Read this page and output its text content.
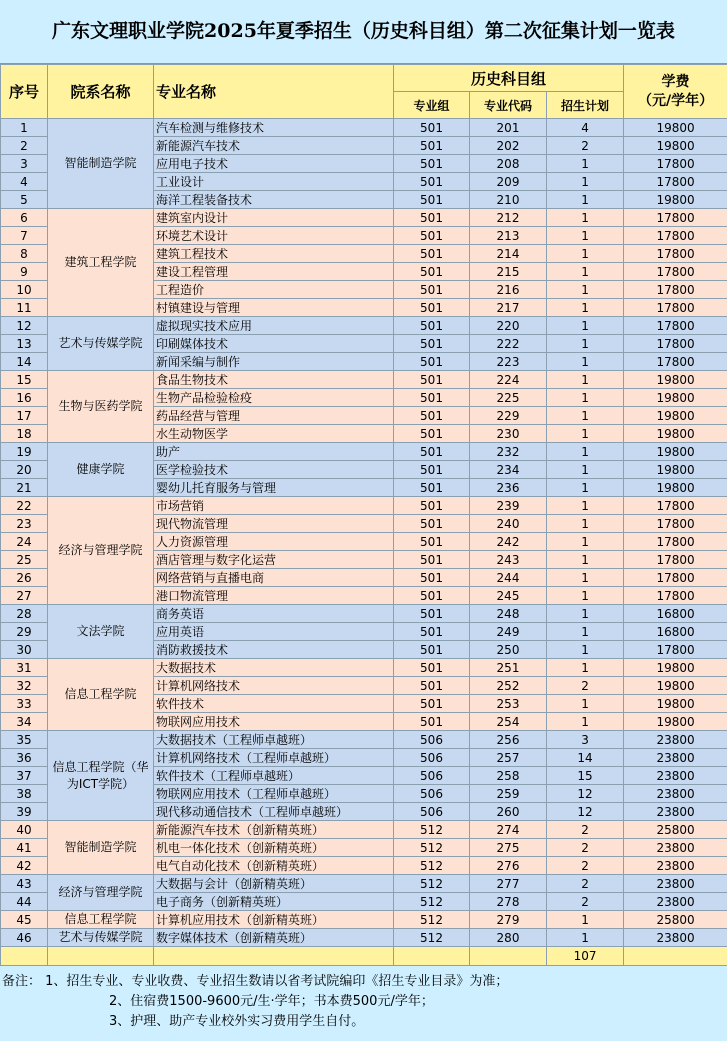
广东文理职业学院2025年夏季招生（历史科目组）第二次征集计划一览表
序号	院系名称	专业名称	历史科目组			学费
（元/学年）

			专业组	专业代码	招生计划	
1	智能制造学院	汽车检测与维修技术	501	201	4	19800
2		新能源汽车技术	501	202	2	19800
3		应用电子技术	501	208	1	17800
4		工业设计	501	209	1	17800
5		海洋工程装备技术	501	210	1	19800
6	建筑工程学院	建筑室内设计	501	212	1	17800
7		环境艺术设计	501	213	1	17800
8		建筑工程技术	501	214	1	17800
9		建设工程管理	501	215	1	17800
10		工程造价	501	216	1	17800
11		村镇建设与管理	501	217	1	17800
12	艺术与传媒学院	虚拟现实技术应用	501	220	1	17800
13		印刷媒体技术	501	222	1	17800
14		新闻采编与制作	501	223	1	17800
15	生物与医药学院	食品生物技术	501	224	1	19800
16		生物产品检验检疫	501	225	1	19800
17		药品经营与管理	501	229	1	19800
18		水生动物医学	501	230	1	19800
19	健康学院	助产	501	232	1	19800
20		医学检验技术	501	234	1	19800
21		婴幼儿托育服务与管理	501	236	1	19800
22	经济与管理学院	市场营销	501	239	1	17800
23		现代物流管理	501	240	1	17800
24		人力资源管理	501	242	1	17800
25		酒店管理与数字化运营	501	243	1	17800
26		网络营销与直播电商	501	244	1	17800
27		港口物流管理	501	245	1	17800
28	文法学院	商务英语	501	248	1	16800
29		应用英语	501	249	1	16800
30		消防救援技术	501	250	1	17800
31	信息工程学院	大数据技术	501	251	1	19800
32		计算机网络技术	501	252	2	19800
33		软件技术	501	253	1	19800
34		物联网应用技术	501	254	1	19800
35	信息工程学院（华为ICT学院）	大数据技术（工程师卓越班）	506	256	3	23800
36		计算机网络技术（工程师卓越班）	506	257	14	23800
37		软件技术（工程师卓越班）	506	258	15	23800
38		物联网应用技术（工程师卓越班）	506	259	12	23800
39		现代移动通信技术（工程师卓越班）	506	260	12	23800
40	智能制造学院	新能源汽车技术（创新精英班）	512	274	2	25800
41		机电一体化技术（创新精英班）	512	275	2	23800
42		电气自动化技术（创新精英班）	512	276	2	23800
43	经济与管理学院	大数据与会计（创新精英班）	512	277	2	23800
44		电子商务（创新精英班）	512	278	2	23800
45	信息工程学院	计算机应用技术（创新精英班）	512	279	1	25800
46	艺术与传媒学院	数字媒体技术（创新精英班）	512	280	1	23800
					107	
备注： 1、招生专业、专业收费、专业招生数请以省考试院编印《招生专业目录》为准；
2、住宿费1500-9600元/生·学年；书本费500元/学年；
3、护理、助产专业校外实习费用学生自付。
